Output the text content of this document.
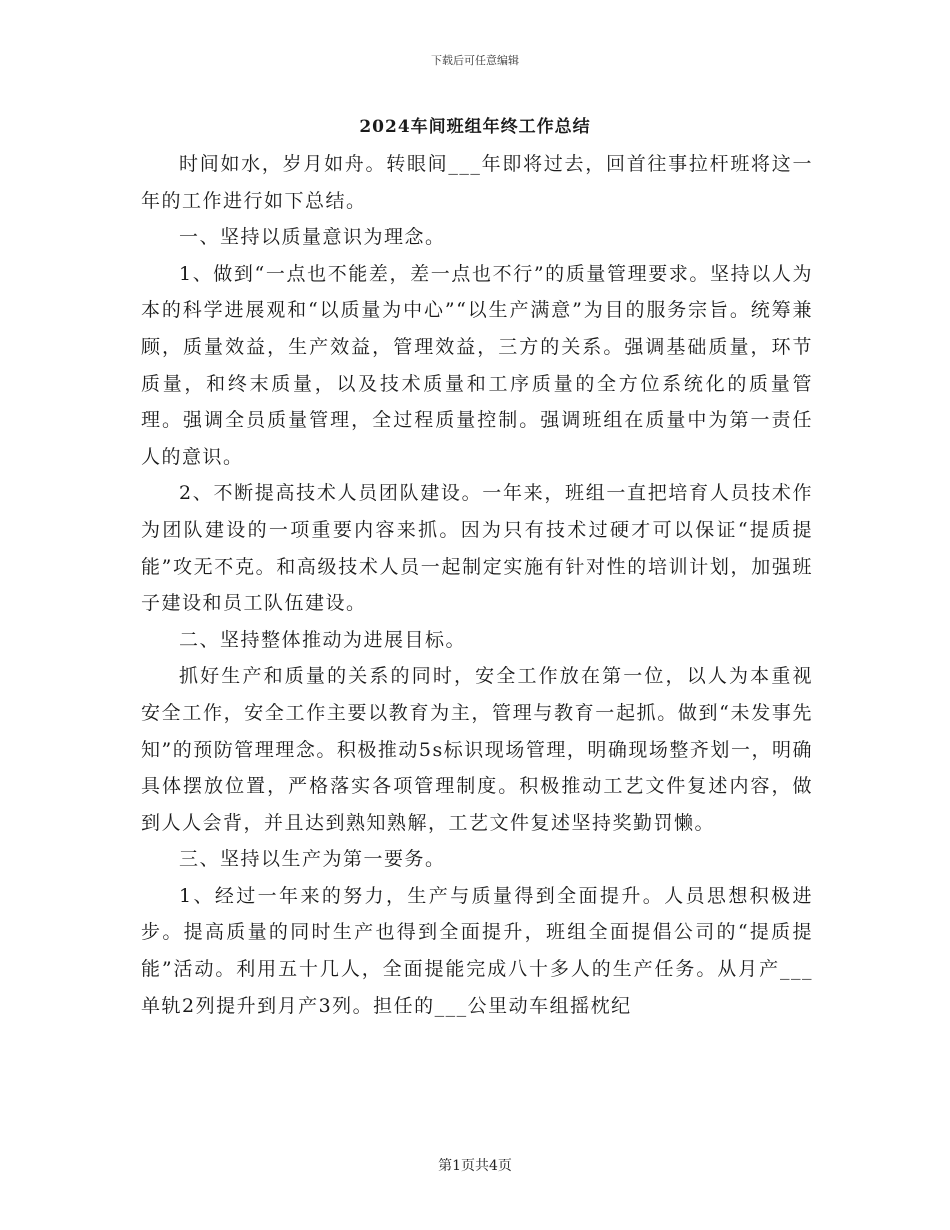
下载后可任意编辑
2024车间班组年终工作总结

时间如水，岁月如舟。转眼间___年即将过去，回首往事拉杆班将这一年的工作进行如下总结。

一、坚持以质量意识为理念。

1、做到“一点也不能差，差一点也不行”的质量管理要求。坚持以人为本的科学进展观和“以质量为中心”“以生产满意”为目的服务宗旨。统筹兼顾，质量效益，生产效益，管理效益，三方的关系。强调基础质量，环节质量，和终末质量，以及技术质量和工序质量的全方位系统化的质量管理。强调全员质量管理，全过程质量控制。强调班组在质量中为第一责任人的意识。

2、不断提高技术人员团队建设。一年来，班组一直把培育人员技术作为团队建设的一项重要内容来抓。因为只有技术过硬才可以保证“提质提能”攻无不克。和高级技术人员一起制定实施有针对性的培训计划，加强班子建设和员工队伍建设。

二、坚持整体推动为进展目标。

抓好生产和质量的关系的同时，安全工作放在第一位，以人为本重视安全工作，安全工作主要以教育为主，管理与教育一起抓。做到“未发事先知”的预防管理理念。积极推动5s标识现场管理，明确现场整齐划一，明确具体摆放位置，严格落实各项管理制度。积极推动工艺文件复述内容，做到人人会背，并且达到熟知熟解，工艺文件复述坚持奖勤罚懒。

三、坚持以生产为第一要务。

1、经过一年来的努力，生产与质量得到全面提升。人员思想积极进步。提高质量的同时生产也得到全面提升，班组全面提倡公司的“提质提能”活动。利用五十几人，全面提能完成八十多人的生产任务。从月产___单轨2列提升到月产3列。担任的___公里动车组摇枕纪

第1页共4页
